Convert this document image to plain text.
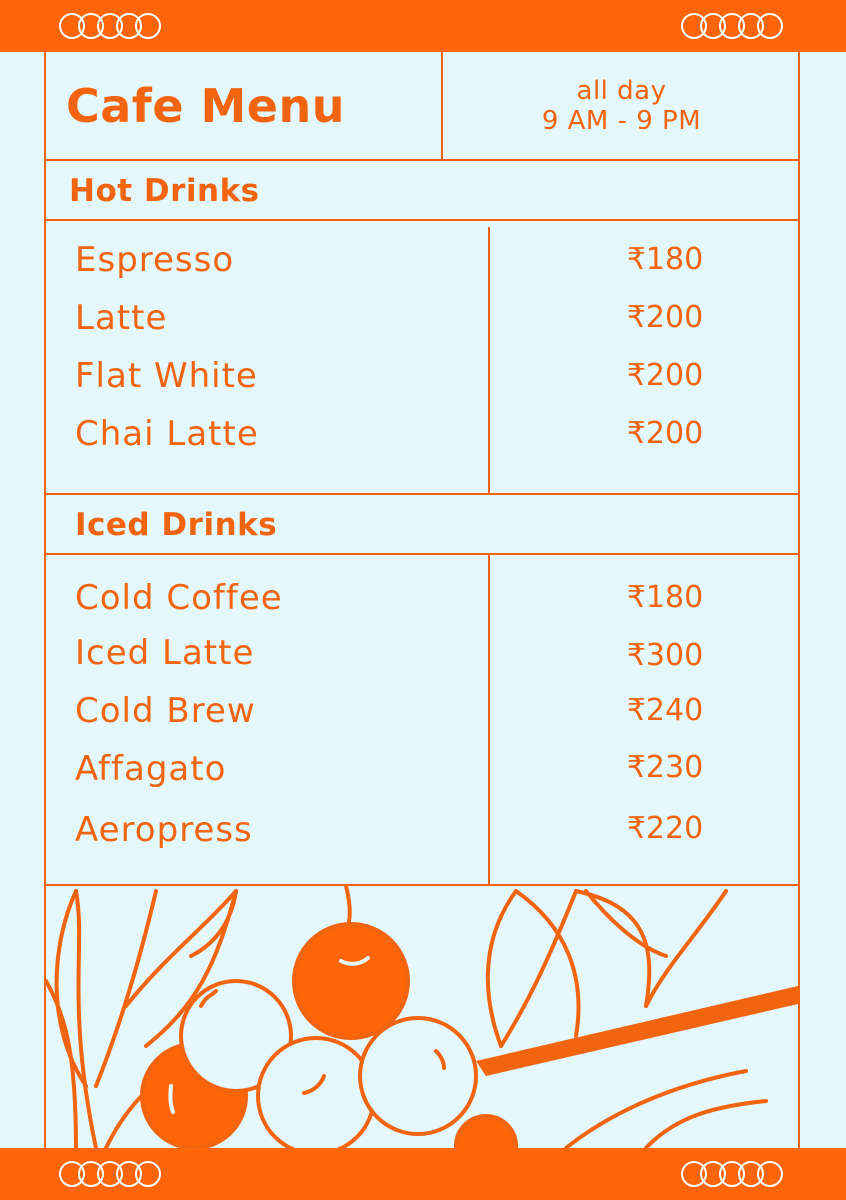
Cafe Menu	all day
9 AM - 9 PM
Hot Drinks
Espresso	₹180
Latte	₹200
Flat White	₹200
Chai Latte	₹200
Iced Drinks
Cold Coffee	₹180
Iced Latte	₹300
Cold Brew	₹240
Affagato	₹230
Aeropress	₹220
